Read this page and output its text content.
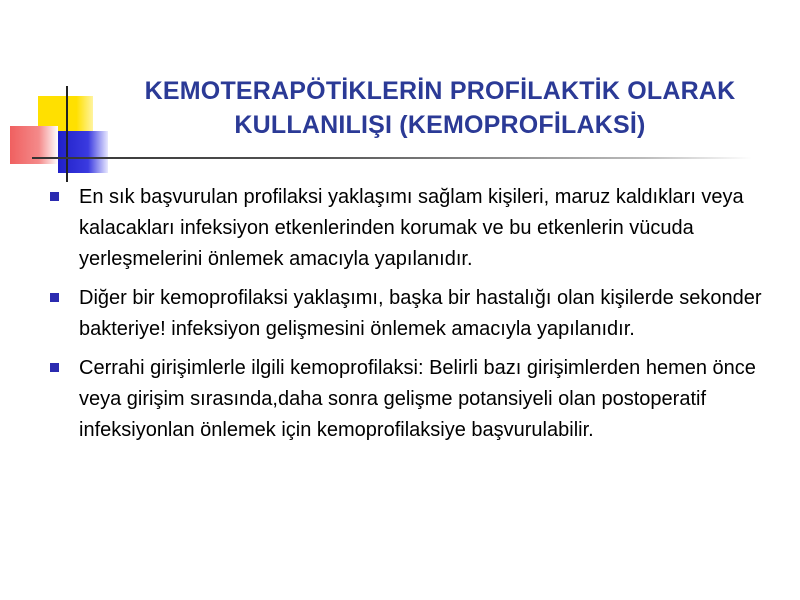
KEMOTERAPÖTİKLERİN PROFİLAKTİK OLARAK
KULLANILIŞI (KEMOPROFİLAKSİ)
En sık başvurulan profilaksi yaklaşımı sağlam kişileri, maruz kaldıkları veya kalacakları infeksiyon etkenlerinden korumak ve bu etkenlerin vücuda yerleşmelerini önlemek amacıyla yapılanıdır.
Diğer bir kemoprofilaksi yaklaşımı, başka bir hastalığı olan kişilerde sekonder bakteriye! infeksiyon gelişmesini önlemek amacıyla yapılanıdır.
Cerrahi girişimlerle ilgili kemoprofilaksi: Belirli bazı girişimlerden hemen önce veya girişim sırasında,daha sonra gelişme potansiyeli olan postoperatif infeksiyonlan önlemek için kemoprofilaksiye başvurulabilir.
